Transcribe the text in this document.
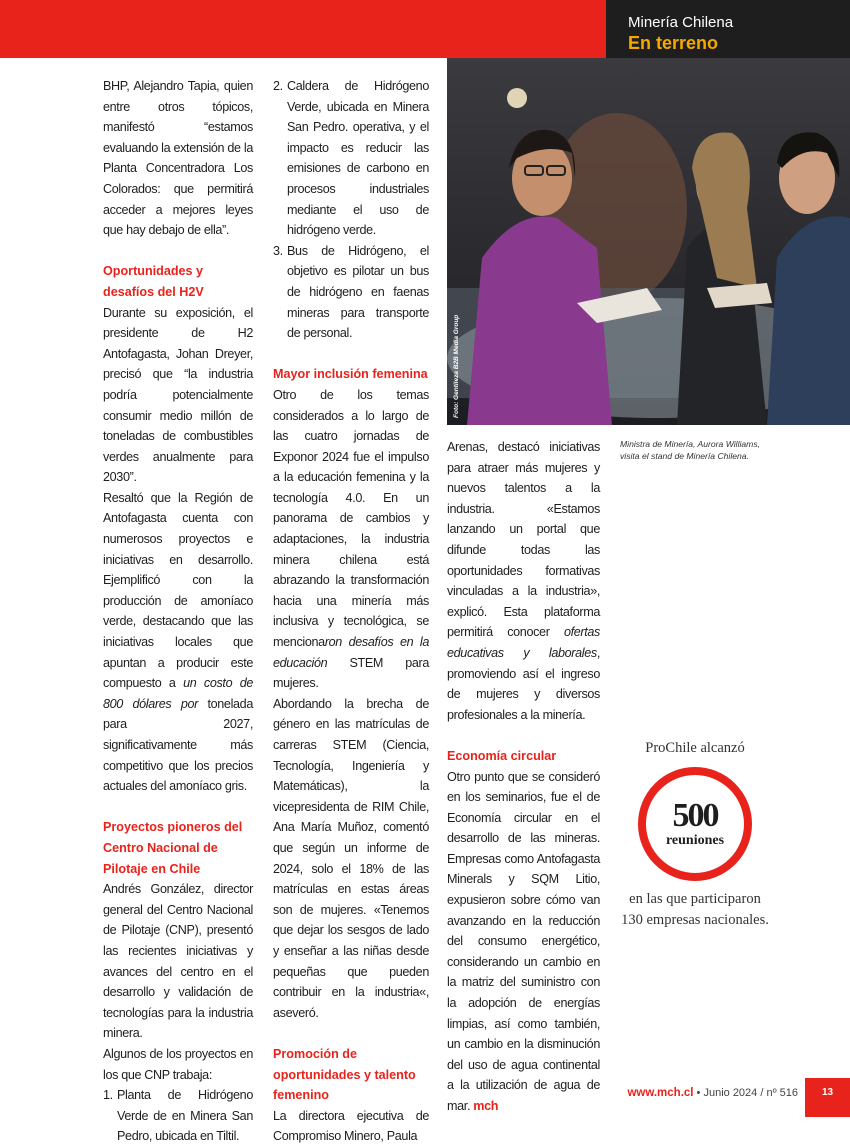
Minería Chilena
En terreno

BHP, Alejandro Tapia, quien entre otros tópicos, manifestó “estamos evaluando la extensión de la Planta Concentradora Los Colorados: que permitirá acceder a mejores leyes que hay debajo de ella”.

Oportunidades y desafíos del H2V

Durante su exposición, el presidente de H2 Antofagasta, Johan Dreyer, precisó que “la industria podría potencialmente consumir medio millón de toneladas de combustibles verdes anualmente para 2030”.

Resaltó que la Región de Antofagasta cuenta con numerosos proyectos e iniciativas en desarrollo. Ejemplificó con la producción de amoníaco verde, destacando que las iniciativas locales que apuntan a producir este compuesto a un costo de 800 dólares por tonelada para 2027, significativamente más competitivo que los precios actuales del amoníaco gris.

Proyectos pioneros del Centro Nacional de Pilotaje en Chile

Andrés González, director general del Centro Nacional de Pilotaje (CNP), presentó las recientes iniciativas y avances del centro en el desarrollo y validación de tecnologías para la industria minera.

Algunos de los proyectos en los que CNP trabaja:

1. Planta de Hidrógeno Verde de en Minera San Pedro, ubicada en Tiltil.
2. Caldera de Hidrógeno Verde, ubicada en Minera San Pedro. operativa, y el impacto es reducir las emisiones de carbono en procesos industriales mediante el uso de hidrógeno verde.
3. Bus de Hidrógeno, el objetivo es pilotar un bus de hidrógeno en faenas mineras para transporte de personal.
Mayor inclusión femenina

Otro de los temas considerados a lo largo de las cuatro jornadas de Exponor 2024 fue el impulso a la educación femenina y la tecnología 4.0. En un panorama de cambios y adaptaciones, la industria minera chilena está abrazando la transformación hacia una minería más inclusiva y tecnológica, se mencionaron desafíos en la educación STEM para mujeres.

Abordando la brecha de género en las matrículas de carreras STEM (Ciencia, Tecnología, Ingeniería y Matemáticas), la vicepresidenta de RIM Chile, Ana María Muñoz, comentó que según un informe de 2024, solo el 18% de las matrículas en estas áreas son de mujeres. «Tenemos que dejar los sesgos de lado y enseñar a las niñas desde pequeñas que pueden contribuir en la industria«, aseveró.

Promoción de oportunidades y talento femenino

La directora ejecutiva de Compromiso Minero, Paula

Foto: Gentileza B2B Media Group
Ministra de Minería, Aurora Williams, visita el stand de Minería Chilena.

Arenas, destacó iniciativas para atraer más mujeres y nuevos talentos a la industria. «Estamos lanzando un portal que difunde todas las oportunidades formativas vinculadas a la industria», explicó. Esta plataforma permitirá conocer ofertas educativas y laborales, promoviendo así el ingreso de mujeres y diversos profesionales a la minería.

Economía circular

Otro punto que se consideró en los seminarios, fue el de Economía circular en el desarrollo de las mineras. Empresas como Antofagasta Minerals y SQM Litio, expusieron sobre cómo van avanzando en la reducción del consumo energético, considerando un cambio en la matriz del suministro con la adopción de energías limpias, así como también, un cambio en la disminución del uso de agua continental a la utilización de agua de mar. mch

ProChile alcanzó
500
reuniones
en las que participaron 130 empresas nacionales.
www.mch.cl • Junio 2024 / nº 516	13
